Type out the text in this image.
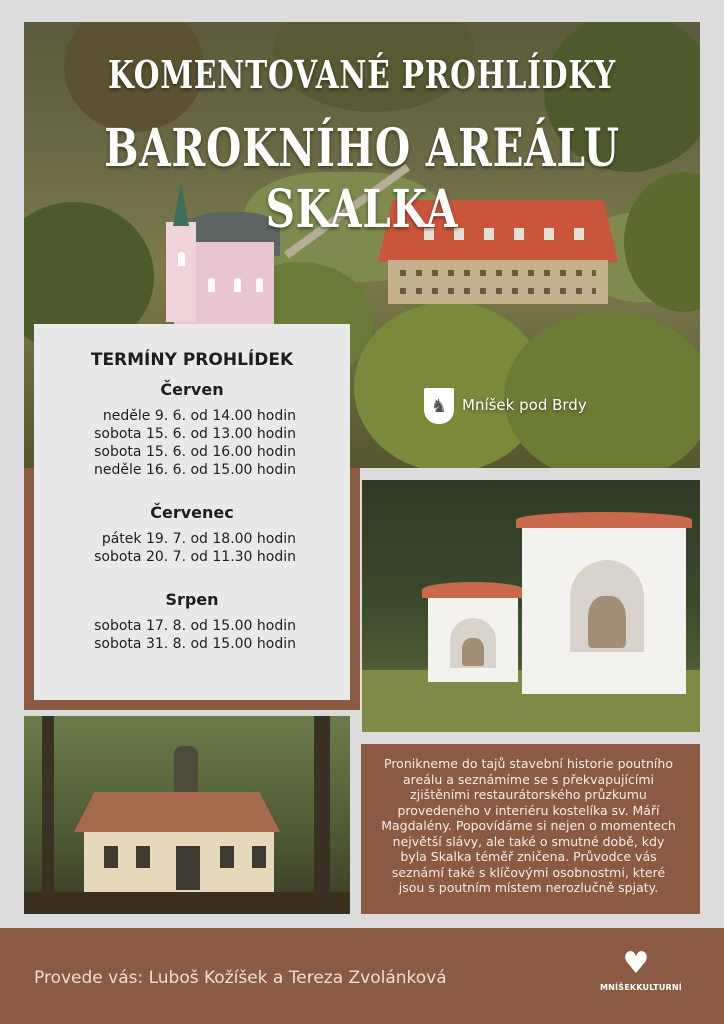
KOMENTOVANÉ PROHLÍDKY
BAROKNÍHO AREÁLU SKALKA
♞ Mníšek pod Brdy
TERMÍNY PROHLÍDEK
Červen
neděle 9. 6. od 14.00 hodin
sobota 15. 6. od 13.00 hodin
sobota 15. 6. od 16.00 hodin
neděle 16. 6. od 15.00 hodin
Červenec
pátek 19. 7. od 18.00 hodin
sobota 20. 7. od 11.30 hodin
Srpen
sobota 17. 8. od 15.00 hodin
sobota 31. 8. od 15.00 hodin
Pronikneme do tajů stavební historie poutního areálu a seznámíme se s překvapujícími zjištěními restaurátorského průzkumu provedeného v interiéru kostelíka sv. Máří Magdalény. Popovídáme si nejen o momentech největší slávy, ale také o smutné době, kdy byla Skalka téměř zničena. Průvodce vás seznámí také s klíčovými osobnostmi, které jsou s poutním místem nerozlučně spjaty.
Provede vás: Luboš Kožíšek a Tereza Zvolánková	♥
MNÍŠEKKULTURNÍ
